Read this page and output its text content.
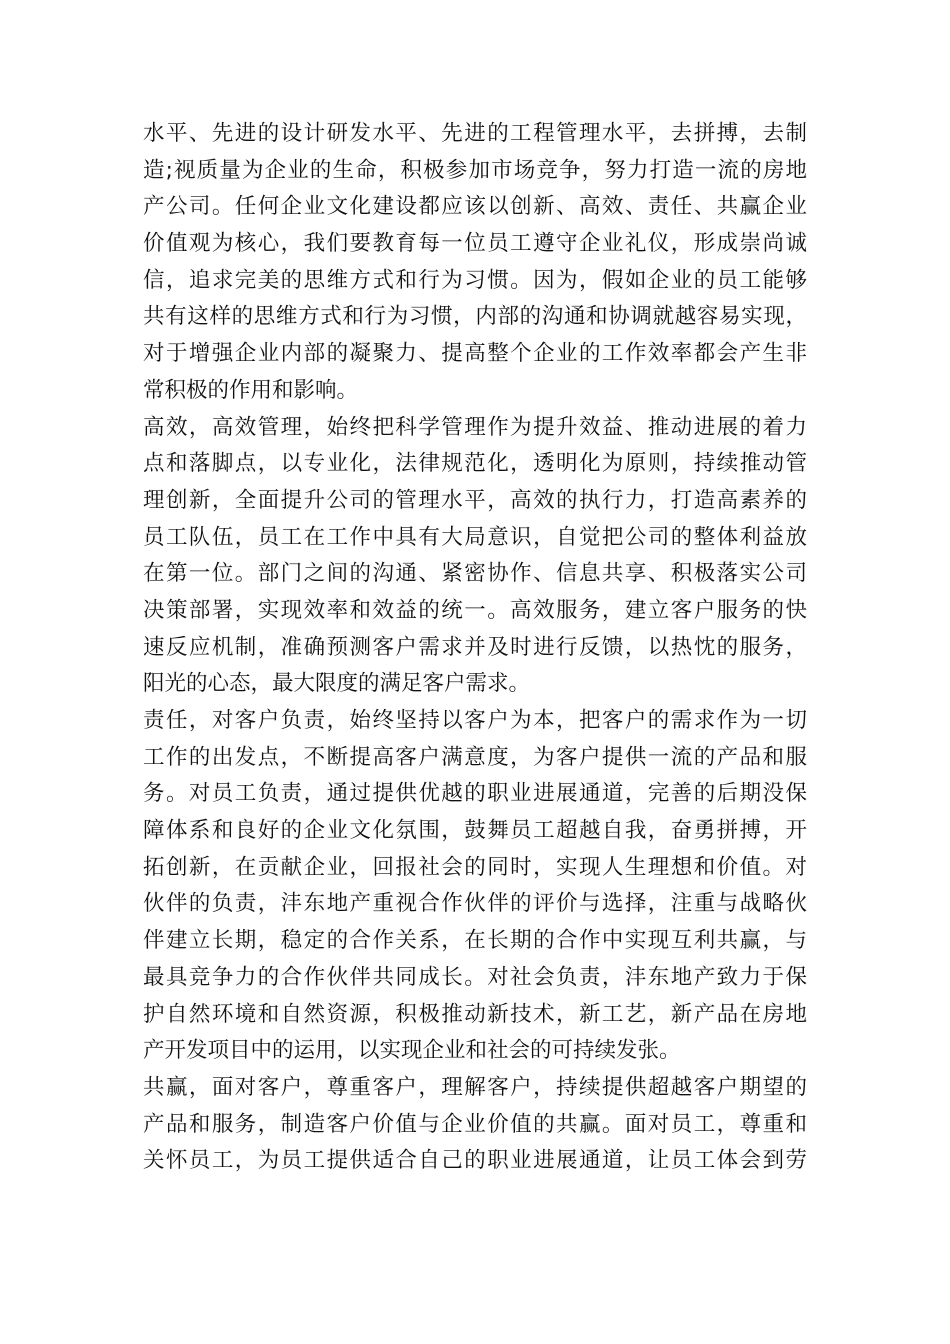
水平、先进的设计研发水平、先进的工程管理水平，去拼搏，去制
造;视质量为企业的生命，积极参加市场竞争，努力打造一流的房地
产公司。任何企业文化建设都应该以创新、高效、责任、共赢企业
价值观为核心，我们要教育每一位员工遵守企业礼仪，形成崇尚诚
信，追求完美的思维方式和行为习惯。因为，假如企业的员工能够
共有这样的思维方式和行为习惯，内部的沟通和协调就越容易实现，
对于增强企业内部的凝聚力、提高整个企业的工作效率都会产生非
常积极的作用和影响。

高效，高效管理，始终把科学管理作为提升效益、推动进展的着力
点和落脚点，以专业化，法律规范化，透明化为原则，持续推动管
理创新，全面提升公司的管理水平，高效的执行力，打造高素养的
员工队伍，员工在工作中具有大局意识，自觉把公司的整体利益放
在第一位。部门之间的沟通、紧密协作、信息共享、积极落实公司
决策部署，实现效率和效益的统一。高效服务，建立客户服务的快
速反应机制，准确预测客户需求并及时进行反馈，以热忱的服务，
阳光的心态，最大限度的满足客户需求。

责任，对客户负责，始终坚持以客户为本，把客户的需求作为一切
工作的出发点，不断提高客户满意度，为客户提供一流的产品和服
务。对员工负责，通过提供优越的职业进展通道，完善的后期没保
障体系和良好的企业文化氛围，鼓舞员工超越自我，奋勇拼搏，开
拓创新，在贡献企业，回报社会的同时，实现人生理想和价值。对
伙伴的负责，沣东地产重视合作伙伴的评价与选择，注重与战略伙
伴建立长期，稳定的合作关系，在长期的合作中实现互利共赢，与
最具竞争力的合作伙伴共同成长。对社会负责，沣东地产致力于保
护自然环境和自然资源，积极推动新技术，新工艺，新产品在房地
产开发项目中的运用，以实现企业和社会的可持续发张。

共赢，面对客户，尊重客户，理解客户，持续提供超越客户期望的
产品和服务，制造客户价值与企业价值的共赢。面对员工，尊重和
关怀员工，为员工提供适合自己的职业进展通道，让员工体会到劳
